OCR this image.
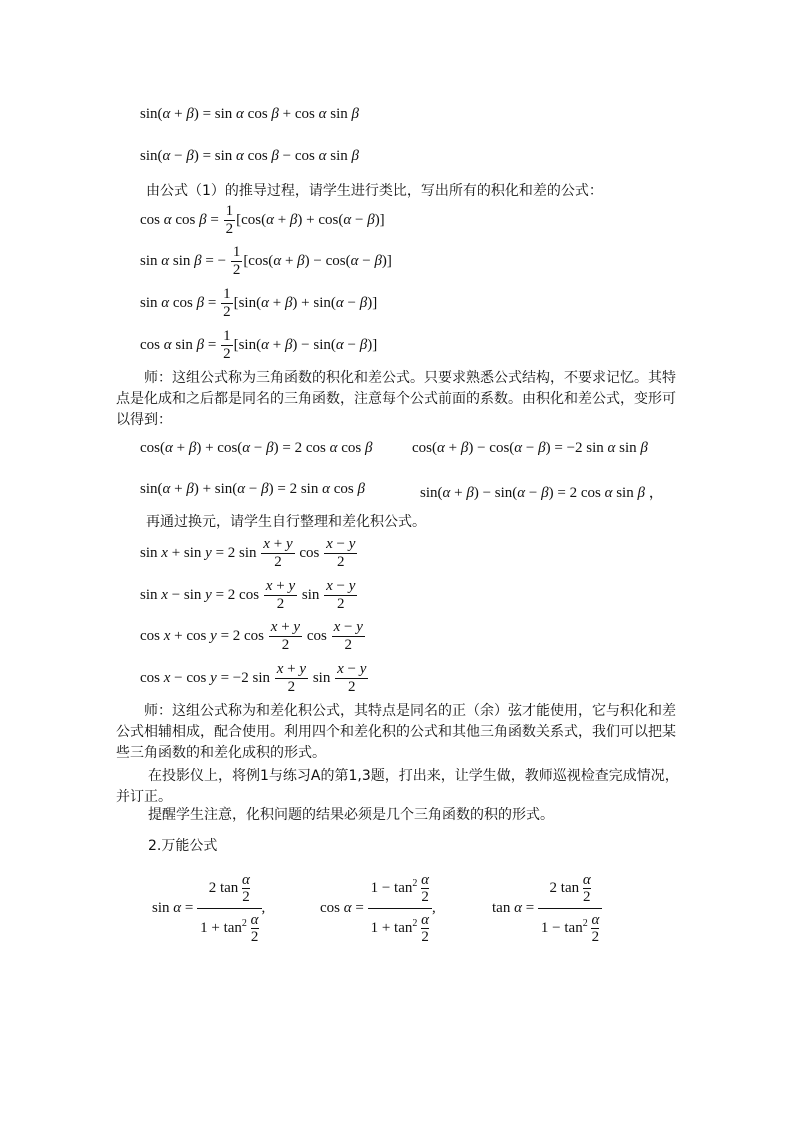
sin(α + β) = sin α cos β + cos α sin β
sin(α − β) = sin α cos β − cos α sin β
由公式（1）的推导过程，请学生进行类比，写出所有的积化和差的公式：
cos α $\cos \beta = \frac{1}{2} [\cos(\alpha + \beta) + \cos(\alpha - \beta)]$
sin α sin β = − $\frac{1}{2} [\cos(\alpha + \beta) - \cos(\alpha - \beta)]$
sin α $\cos \beta = \frac{1}{2} [\sin(\alpha + \beta) + \sin(\alpha - \beta)]$
cos α $\sin \beta = \frac{1}{2} [\sin(\alpha + \beta) - \sin(\alpha - \beta)]$
师：这组公式称为三角函数的积化和差公式。只要求熟悉公式结构，不要求记忆。其特点是化成和之后都是同名的三角函数，注意每个公式前面的系数。由积化和差公式，变形可以得到：
cos(α + β) + cos(α − β) = 2 cos α cos β	cos(α + β) − cos(α − β) = −2 sin α sin β
sin(α + β) + sin(α − β) = 2 sin α cos β	sin(α + β) − sin(α − β) = 2 cos α sin β ，
再通过换元，请学生自行整理和差化积公式。
sin x + sin y = 2 $\sin \frac{x + y}{2}$ $\cos \frac{x - y}{2}$
sin x − sin y = 2 $\cos \frac{x + y}{2}$ $\sin \frac{x - y}{2}$
cos x + cos y = 2 $\cos \frac{x + y}{2}$ $\cos \frac{x - y}{2}$
cos x − cos y = −2 $\sin \frac{x + y}{2}$ $\sin \frac{x - y}{2}$
师：这组公式称为和差化积公式，其特点是同名的正（余）弦才能使用，它与积化和差公式相辅相成，配合使用。利用四个和差化积的公式和其他三角函数关系式，我们可以把某些三角函数的和差化成积的形式。
在投影仪上，将例1与练习A的第1,3题，打出来，让学生做，教师巡视检查完成情况，并订正。
提醒学生注意，化积问题的结果必须是几个三角函数的积的形式。
2.万能公式
$\sin \alpha = \frac{2 \tan \frac{\alpha}{2}}{1 + \tan^2 \frac{\alpha}{2}}$ ,	$\cos \alpha = \frac{1 - \tan^2 \frac{\alpha}{2}}{1 + \tan^2 \frac{\alpha}{2}}$ ,	$\tan \alpha = \frac{2 \tan \frac{\alpha}{2}}{1 - \tan^2 \frac{\alpha}{2}}$
